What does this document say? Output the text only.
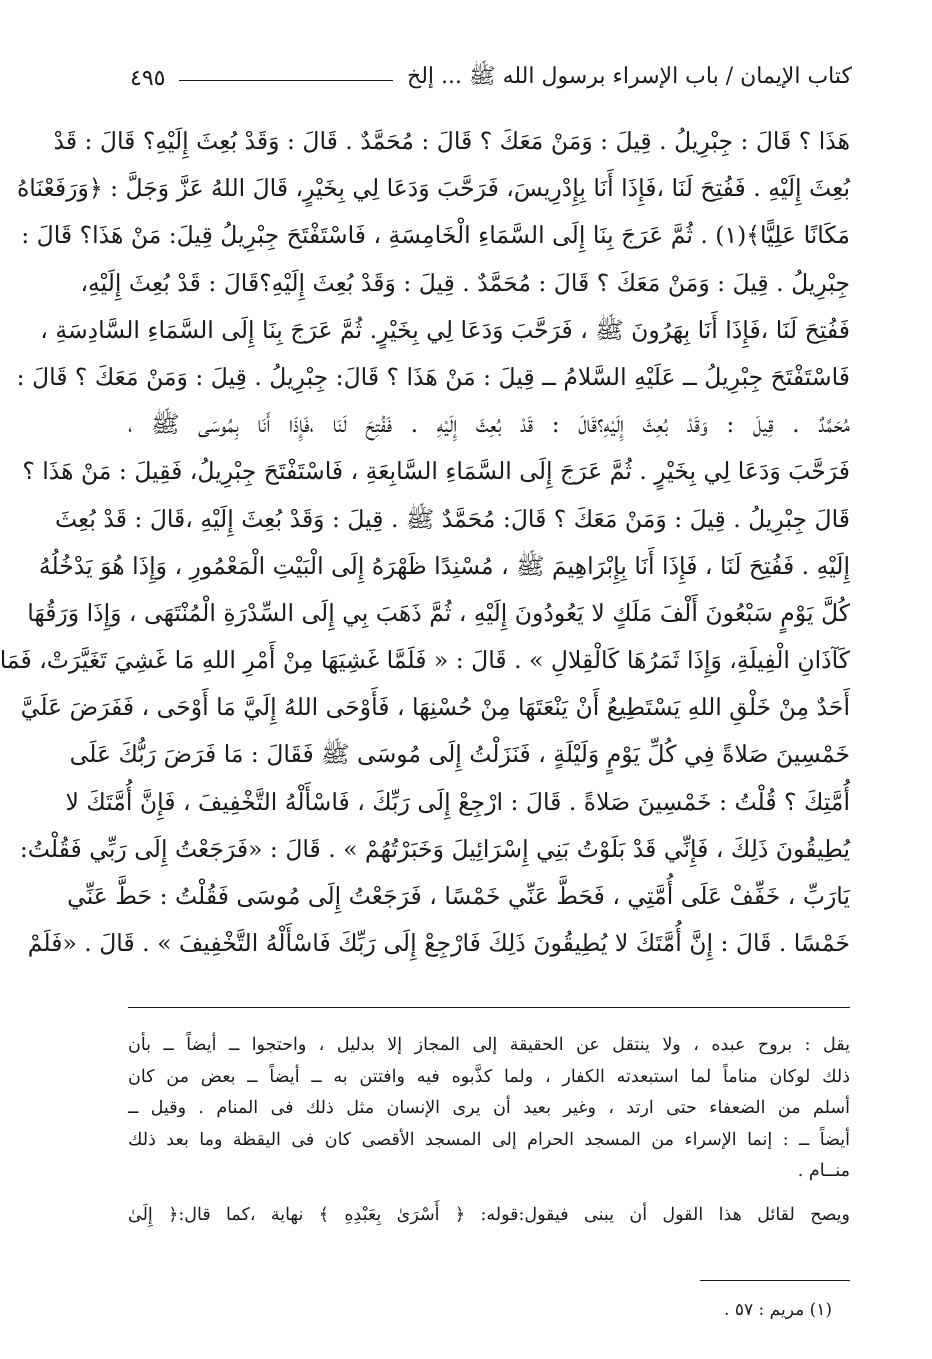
كتاب الإيمان / باب الإسراء برسول الله ﷺ ... إلخ
٤٩٥
هَذَا ؟ قَالَ : جِبْرِيلُ . قِيلَ : وَمَنْ مَعَكَ ؟ قَالَ : مُحَمَّدٌ . قَالَ : وَقَدْ بُعِثَ إِلَيْهِ؟ قَالَ : قَدْ
بُعِثَ إِلَيْهِ . فَفُتِحَ لَنَا ،فَإِذَا أَنَا بِإِدْرِيسَ، فَرَحَّبَ وَدَعَا لِي بِخَيْرٍ، قَالَ اللهُ عَزَّ وَجَلَّ : ﴿وَرَفَعْنَاهُ
مَكَانًا عَلِيًّا﴾(١) . ثُمَّ عَرَجَ بِنَا إِلَى السَّمَاءِ الْخَامِسَةِ ، فَاسْتَفْتَحَ جِبْرِيلُ قِيلَ: مَنْ هَذَا؟ قَالَ :
جِبْرِيلُ . قِيلَ : وَمَنْ مَعَكَ ؟ قَالَ : مُحَمَّدٌ . قِيلَ : وَقَدْ بُعِثَ إِلَيْهِ؟قَالَ : قَدْ بُعِثَ إِلَيْهِ،
فَفُتِحَ لَنَا ،فَإِذَا أَنَا بِهَرُونَ ﷺ ، فَرَحَّبَ وَدَعَا لِي بِخَيْرٍ. ثُمَّ عَرَجَ بِنَا إِلَى السَّمَاءِ السَّادِسَةِ ،
فَاسْتَفْتَحَ جِبْرِيلُ ــ عَلَيْهِ السَّلامُ ــ قِيلَ : مَنْ هَذَا ؟ قَالَ: جِبْرِيلُ . قِيلَ : وَمَنْ مَعَكَ ؟ قَالَ :
مُحَمَّدٌ . قِيلَ : وَقَدْ بُعِثَ إِلَيْهِ؟قَالَ : قَدْ بُعِثَ إِلَيْهِ . فَفُتِحَ لَنَا ،فَإِذَا أَنَا بِمُوسَى ﷺ ،
فَرَحَّبَ وَدَعَا لِي بِخَيْرٍ . ثُمَّ عَرَجَ إِلَى السَّمَاءِ السَّابِعَةِ ، فَاسْتَفْتَحَ جِبْرِيلُ، فَقِيلَ : مَنْ هَذَا ؟
قَالَ جِبْرِيلُ . قِيلَ : وَمَنْ مَعَكَ ؟ قَالَ: مُحَمَّدٌ ﷺ . قِيلَ : وَقَدْ بُعِثَ إِلَيْهِ ،قَالَ : قَدْ بُعِثَ
إِلَيْهِ . فَفُتِحَ لَنَا ، فَإِذَا أَنَا بِإِبْرَاهِيمَ ﷺ ، مُسْنِدًا ظَهْرَهُ إِلَى الْبَيْتِ الْمَعْمُورِ ، وَإِذَا هُوَ يَدْخُلُهُ
كُلَّ يَوْمٍ سَبْعُونَ أَلْفَ مَلَكٍ لا يَعُودُونَ إِلَيْهِ ، ثُمَّ ذَهَبَ بِي إِلَى السِّدْرَةِ الْمُنْتَهَى ، وَإِذَا وَرَقُهَا
كَآذَانِ الْفِيلَةِ، وَإِذَا ثَمَرُهَا كَالْقِلالِ » . قَالَ : « فَلَمَّا غَشِيَهَا مِنْ أَمْرِ اللهِ مَا غَشِيَ تَغَيَّرَتْ، فَمَا
أَحَدٌ مِنْ خَلْقِ اللهِ يَسْتَطِيعُ أَنْ يَنْعَتَهَا مِنْ حُسْنِهَا ، فَأَوْحَى اللهُ إِلَيَّ مَا أَوْحَى ، فَفَرَضَ عَلَيَّ
خَمْسِينَ صَلاةً فِي كُلِّ يَوْمٍ وَلَيْلَةٍ ، فَنَزَلْتُ إِلَى مُوسَى ﷺ فَقَالَ : مَا فَرَضَ رَبُّكَ عَلَى
أُمَّتِكَ ؟ قُلْتُ : خَمْسِينَ صَلاةً . قَالَ : ارْجِعْ إِلَى رَبِّكَ ، فَاسْأَلْهُ التَّخْفِيفَ ، فَإِنَّ أُمَّتَكَ لا
يُطِيقُونَ ذَلِكَ ، فَإِنِّي قَدْ بَلَوْتُ بَنِي إِسْرَائِيلَ وَخَبَرْتُهُمْ » . قَالَ : «فَرَجَعْتُ إِلَى رَبِّي فَقُلْتُ:
يَارَبِّ ، خَفِّفْ عَلَى أُمَّتِي ، فَحَطَّ عَنِّي خَمْسًا ، فَرَجَعْتُ إِلَى مُوسَى فَقُلْتُ : حَطَّ عَنِّي
خَمْسًا . قَالَ : إِنَّ أُمَّتَكَ لا يُطِيقُونَ ذَلِكَ فَارْجِعْ إِلَى رَبِّكَ فَاسْأَلْهُ التَّخْفِيفَ » . قَالَ . «فَلَمْ
يقل : بروح عبده ، ولا ينتقل عن الحقيقة إلى المجاز إلا بدليل ، واحتجوا ــ أيضاً ــ بأن
ذلك لوكان مناماً لما استبعدته الكفار ، ولما كذَّبوه فيه وافتتن به ــ أيضاً ــ بعض من كان
أسلم من الضعفاء حتى ارتد ، وغير بعيد أن يرى الإنسان مثل ذلك فى المنام . وقيل ــ
أيضاً ــ : إنما الإسراء من المسجد الحرام إلى المسجد الأقصى كان فى اليقظة وما بعد ذلك
منــام .
ويصح لقائل هذا القول أن يبنى فيقول:قوله: ﴿ أَسْرَىٰ بِعَبْدِهِ ﴾ نهاية ،كما قال:﴿ إِلَىٰ
(١) مريم : ٥٧ .
